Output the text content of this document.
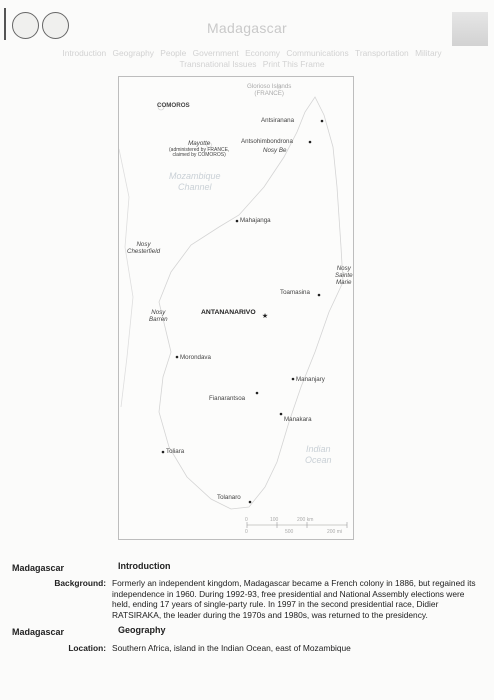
Madagascar
Introduction Geography People Government Economy Communications Transportation Military Transnational Issues Print This Frame
★
Glorioso Islands
(FRANCE)
COMOROS
Antsiranana
Antsohimbondrona
Nosy Be
Mayotte
(administered by FRANCE,
claimed by COMOROS)
Mozambique
Channel
Mahajanga
Nosy
Chesterfield
Nosy
Sainte
Marie
Toamasina
ANTANANARIVO
Nosy
Barren
Morondava
Mananjary
Fianarantsoa
Manakara
Indian
Ocean
Toliara
Tolanaro
0	100	200 km
0	500	200 mi
Madagascar	Introduction
Background: Formerly an independent kingdom, Madagascar became a French colony in 1886, but regained its independence in 1960. During 1992-93, free presidential and National Assembly elections were held, ending 17 years of single-party rule. In 1997 in the second presidential race, Didier RATSIRAKA, the leader during the 1970s and 1980s, was returned to the presidency.
Madagascar	Geography
Location: Southern Africa, island in the Indian Ocean, east of Mozambique
